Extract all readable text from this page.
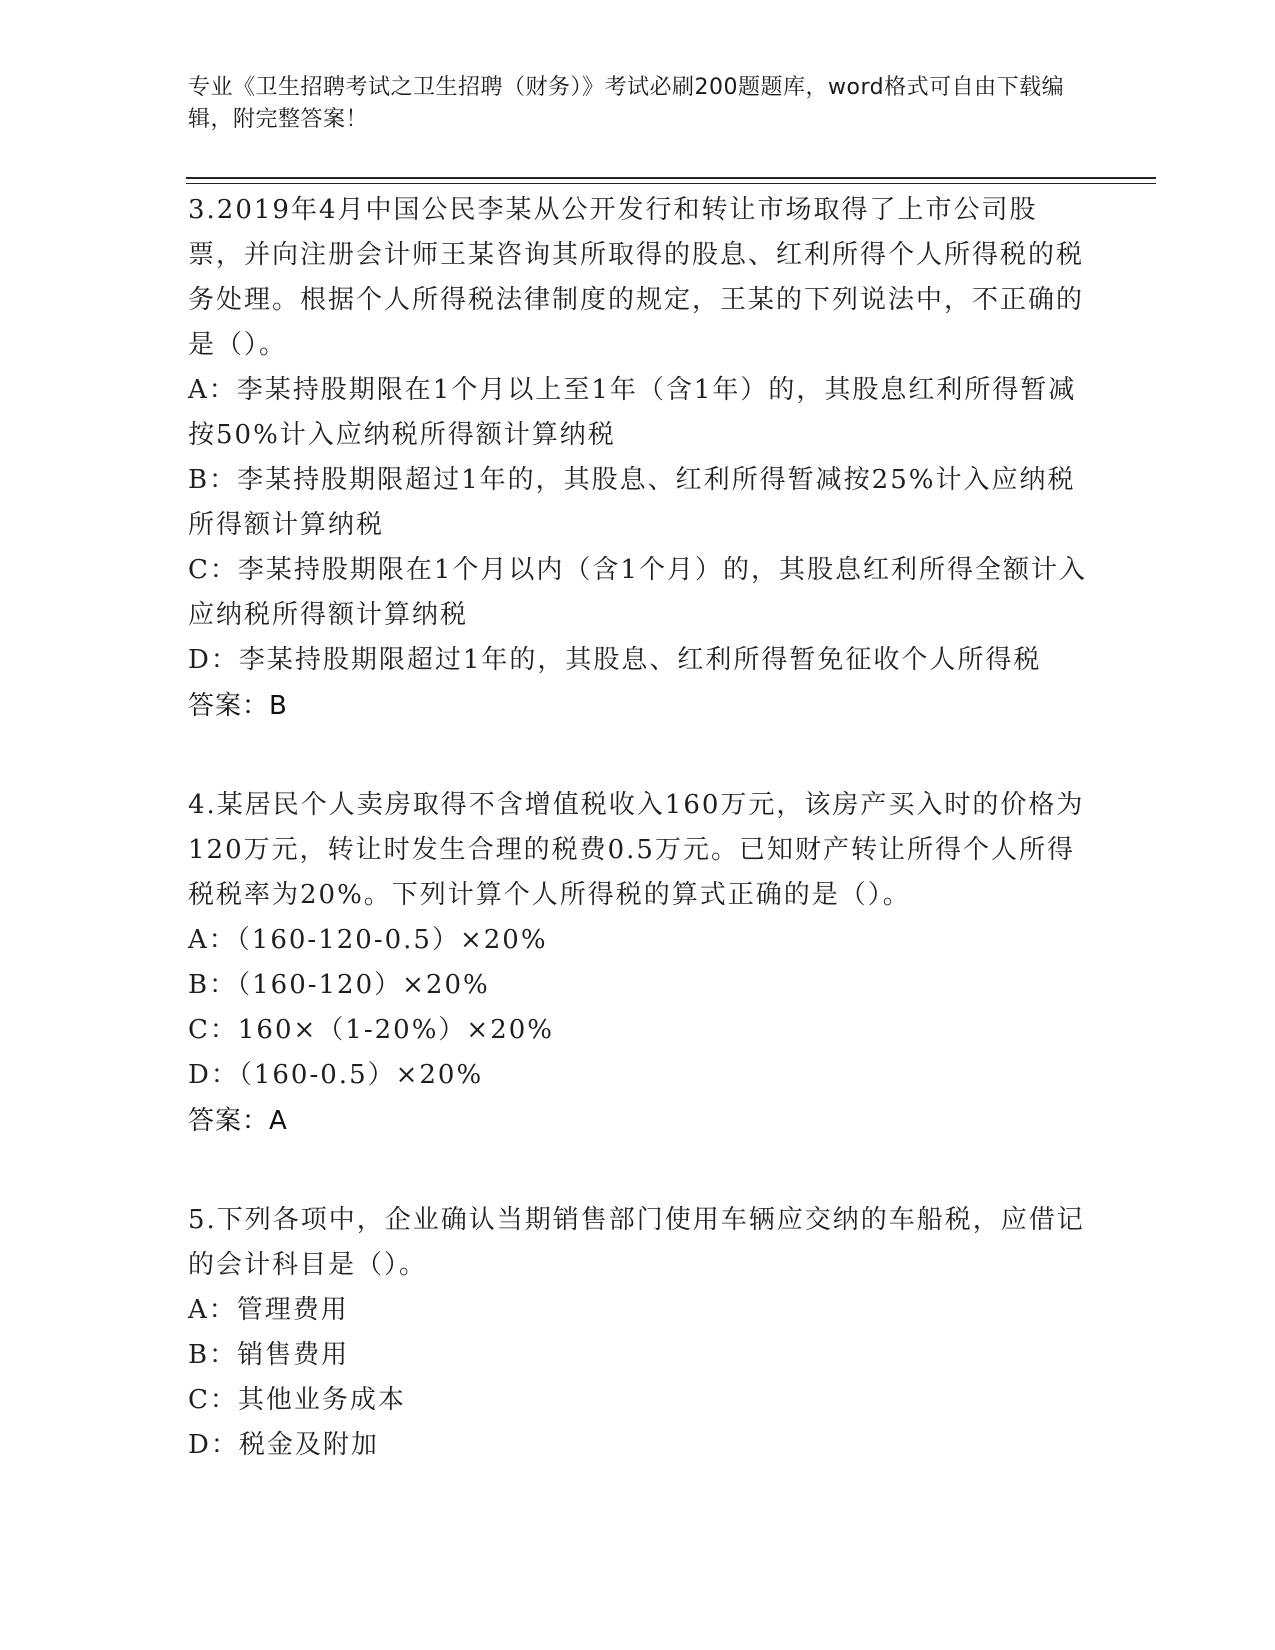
专业《卫生招聘考试之卫生招聘（财务）》考试必刷200题题库，word格式可自由下载编辑，附完整答案！

3.2019年4月中国公民李某从公开发行和转让市场取得了上市公司股票，并向注册会计师王某咨询其所取得的股息、红利所得个人所得税的税务处理。根据个人所得税法律制度的规定，王某的下列说法中，不正确的是（）。

A：李某持股期限在1个月以上至1年（含1年）的，其股息红利所得暂减按50%计入应纳税所得额计算纳税

B：李某持股期限超过1年的，其股息、红利所得暂减按25%计入应纳税所得额计算纳税

C：李某持股期限在1个月以内（含1个月）的，其股息红利所得全额计入应纳税所得额计算纳税

D：李某持股期限超过1年的，其股息、红利所得暂免征收个人所得税

答案：B

4.某居民个人卖房取得不含增值税收入160万元，该房产买入时的价格为120万元，转让时发生合理的税费0.5万元。已知财产转让所得个人所得税税率为20%。下列计算个人所得税的算式正确的是（）。

A：（160-120-0.5）×20%

B：（160-120）×20%

C：160×（1-20%）×20%

D：（160-0.5）×20%

答案：A

5.下列各项中，企业确认当期销售部门使用车辆应交纳的车船税，应借记的会计科目是（）。

A：管理费用

B：销售费用

C：其他业务成本

D：税金及附加
